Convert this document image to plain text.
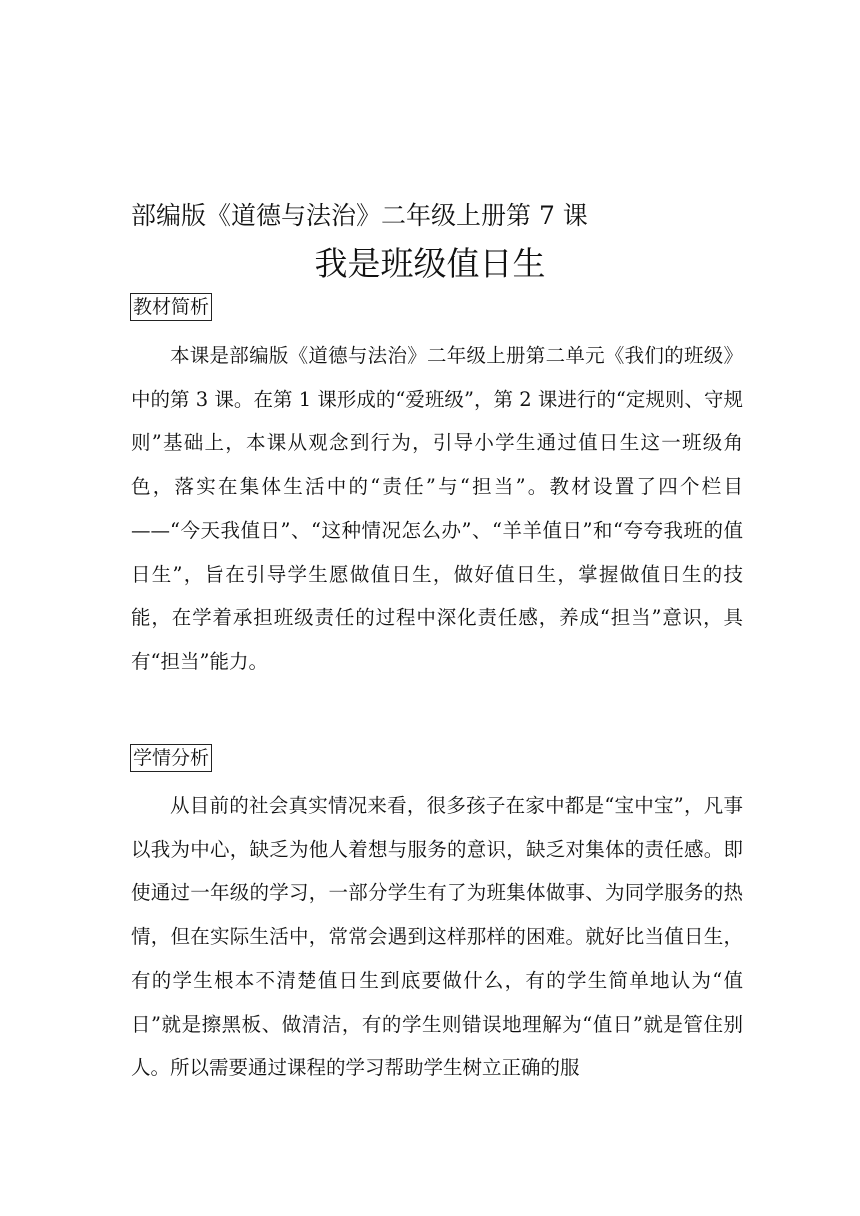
部编版《道德与法治》二年级上册第 7 课
我是班级值日生
教材简析

本课是部编版《道德与法治》二年级上册第二单元《我们的班级》中的第 3 课。在第 1 课形成的“爱班级”，第 2 课进行的“定规则、守规则”基础上，本课从观念到行为，引导小学生通过值日生这一班级角色，落实在集体生活中的“责任”与“担当”。教材设置了四个栏目——“今天我值日”、“这种情况怎么办”、“羊羊值日”和“夸夸我班的值日生”，旨在引导学生愿做值日生，做好值日生，掌握做值日生的技能，在学着承担班级责任的过程中深化责任感，养成“担当”意识，具有“担当”能力。

学情分析

从目前的社会真实情况来看，很多孩子在家中都是“宝中宝”，凡事以我为中心，缺乏为他人着想与服务的意识，缺乏对集体的责任感。即使通过一年级的学习，一部分学生有了为班集体做事、为同学服务的热情，但在实际生活中，常常会遇到这样那样的困难。就好比当值日生，有的学生根本不清楚值日生到底要做什么，有的学生简单地认为“值日”就是擦黑板、做清洁，有的学生则错误地理解为“值日”就是管住别人。所以需要通过课程的学习帮助学生树立正确的服
